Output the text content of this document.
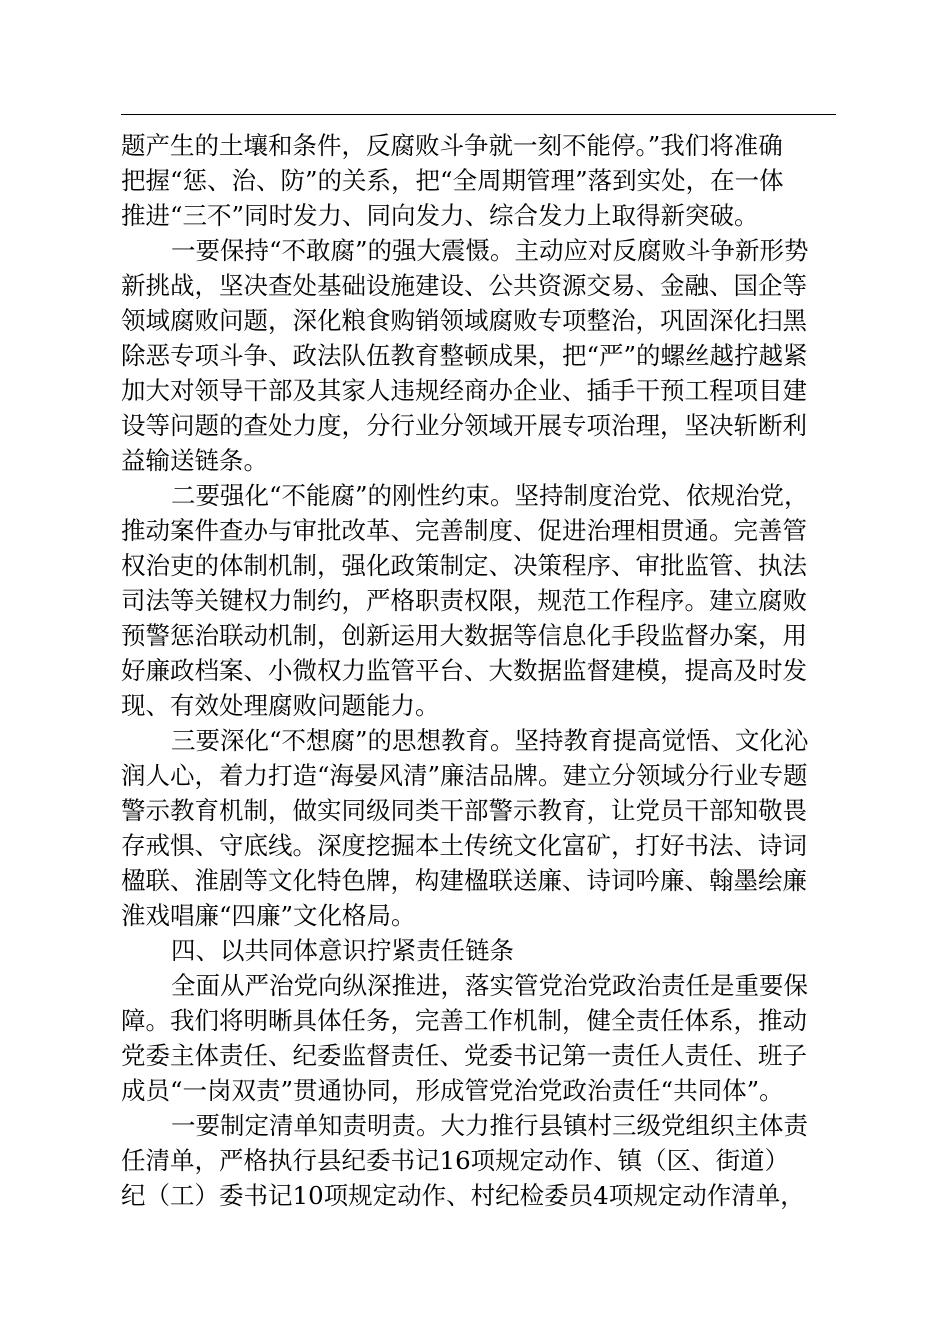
题产生的土壤和条件，反腐败斗争就一刻不能停。”我们将准确
把握“惩、治、防”的关系，把“全周期管理”落到实处，在一体
推进“三不”同时发力、同向发力、综合发力上取得新突破。
一要保持“不敢腐”的强大震慑。主动应对反腐败斗争新形势
新挑战，坚决查处基础设施建设、公共资源交易、金融、国企等
领域腐败问题，深化粮食购销领域腐败专项整治，巩固深化扫黑
除恶专项斗争、政法队伍教育整顿成果，把“严”的螺丝越拧越紧
加大对领导干部及其家人违规经商办企业、插手干预工程项目建
设等问题的查处力度，分行业分领域开展专项治理，坚决斩断利
益输送链条。
二要强化“不能腐”的刚性约束。坚持制度治党、依规治党，
推动案件查办与审批改革、完善制度、促进治理相贯通。完善管
权治吏的体制机制，强化政策制定、决策程序、审批监管、执法
司法等关键权力制约，严格职责权限，规范工作程序。建立腐败
预警惩治联动机制，创新运用大数据等信息化手段监督办案，用
好廉政档案、小微权力监管平台、大数据监督建模，提高及时发
现、有效处理腐败问题能力。
三要深化“不想腐”的思想教育。坚持教育提高觉悟、文化沁
润人心，着力打造“海晏风清”廉洁品牌。建立分领域分行业专题
警示教育机制，做实同级同类干部警示教育，让党员干部知敬畏
存戒惧、守底线。深度挖掘本土传统文化富矿，打好书法、诗词
楹联、淮剧等文化特色牌，构建楹联送廉、诗词吟廉、翰墨绘廉
淮戏唱廉“四廉”文化格局。
四、以共同体意识拧紧责任链条
全面从严治党向纵深推进，落实管党治党政治责任是重要保
障。我们将明晰具体任务，完善工作机制，健全责任体系，推动
党委主体责任、纪委监督责任、党委书记第一责任人责任、班子
成员“一岗双责”贯通协同，形成管党治党政治责任“共同体”。
一要制定清单知责明责。大力推行县镇村三级党组织主体责
任清单，严格执行县纪委书记16项规定动作、镇（区、街道）
纪（工）委书记10项规定动作、村纪检委员4项规定动作清单，
